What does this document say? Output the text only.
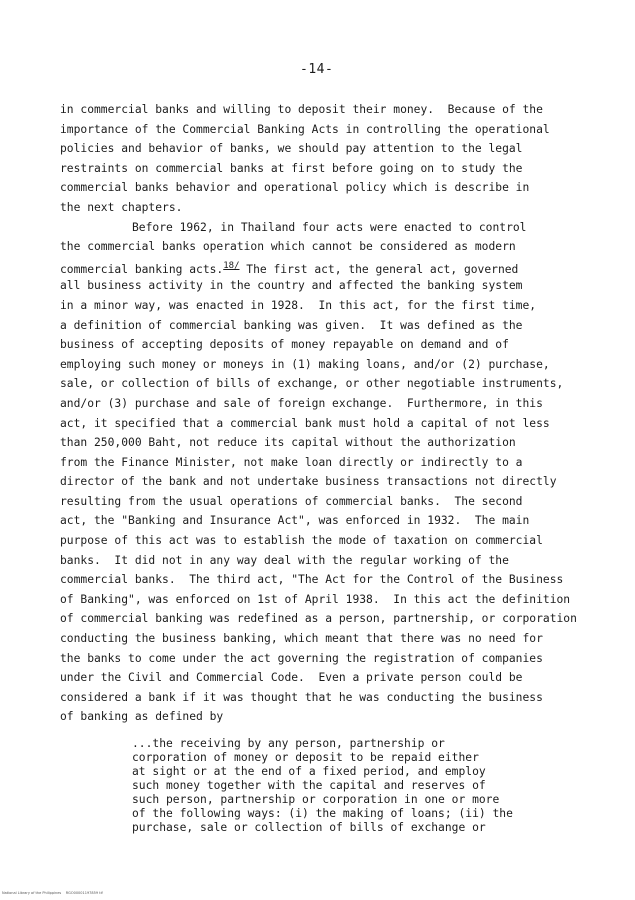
-14-
in commercial banks and willing to deposit their money.  Because of the
importance of the Commercial Banking Acts in controlling the operational
policies and behavior of banks, we should pay attention to the legal
restraints on commercial banks at first before going on to study the
commercial banks behavior and operational policy which is describe in
the next chapters.
Before 1962, in Thailand four acts were enacted to control
the commercial banks operation which cannot be considered as modern
commercial banking acts.$^{18/}$ The first act, the general act, governed
all business activity in the country and affected the banking system
in a minor way, was enacted in 1928.  In this act, for the first time,
a definition of commercial banking was given.  It was defined as the
business of accepting deposits of money repayable on demand and of
employing such money or moneys in (1) making loans, and/or (2) purchase,
sale, or collection of bills of exchange, or other negotiable instruments,
and/or (3) purchase and sale of foreign exchange.  Furthermore, in this
act, it specified that a commercial bank must hold a capital of not less
than 250,000 Baht, not reduce its capital without the authorization
from the Finance Minister, not make loan directly or indirectly to a
director of the bank and not undertake business transactions not directly
resulting from the usual operations of commercial banks.  The second
act, the "Banking and Insurance Act", was enforced in 1932.  The main
purpose of this act was to establish the mode of taxation on commercial
banks.  It did not in any way deal with the regular working of the
commercial banks.  The third act, "The Act for the Control of the Business
of Banking", was enforced on 1st of April 1938.  In this act the definition
of commercial banking was redefined as a person, partnership, or corporation
conducting the business banking, which meant that there was no need for
the banks to come under the act governing the registration of companies
under the Civil and Commercial Code.  Even a private person could be
considered a bank if it was thought that he was conducting the business
of banking as defined by
...the receiving by any person, partnership or
corporation of money or deposit to be repaid either
at sight or at the end of a fixed period, and employ
such money together with the capital and reserves of
such person, partnership or corporation in one or more
of the following ways: (i) the making of loans; (ii) the
purchase, sale or collection of bills of exchange or
National Library of the Philippines    RGO00001197859 tif
